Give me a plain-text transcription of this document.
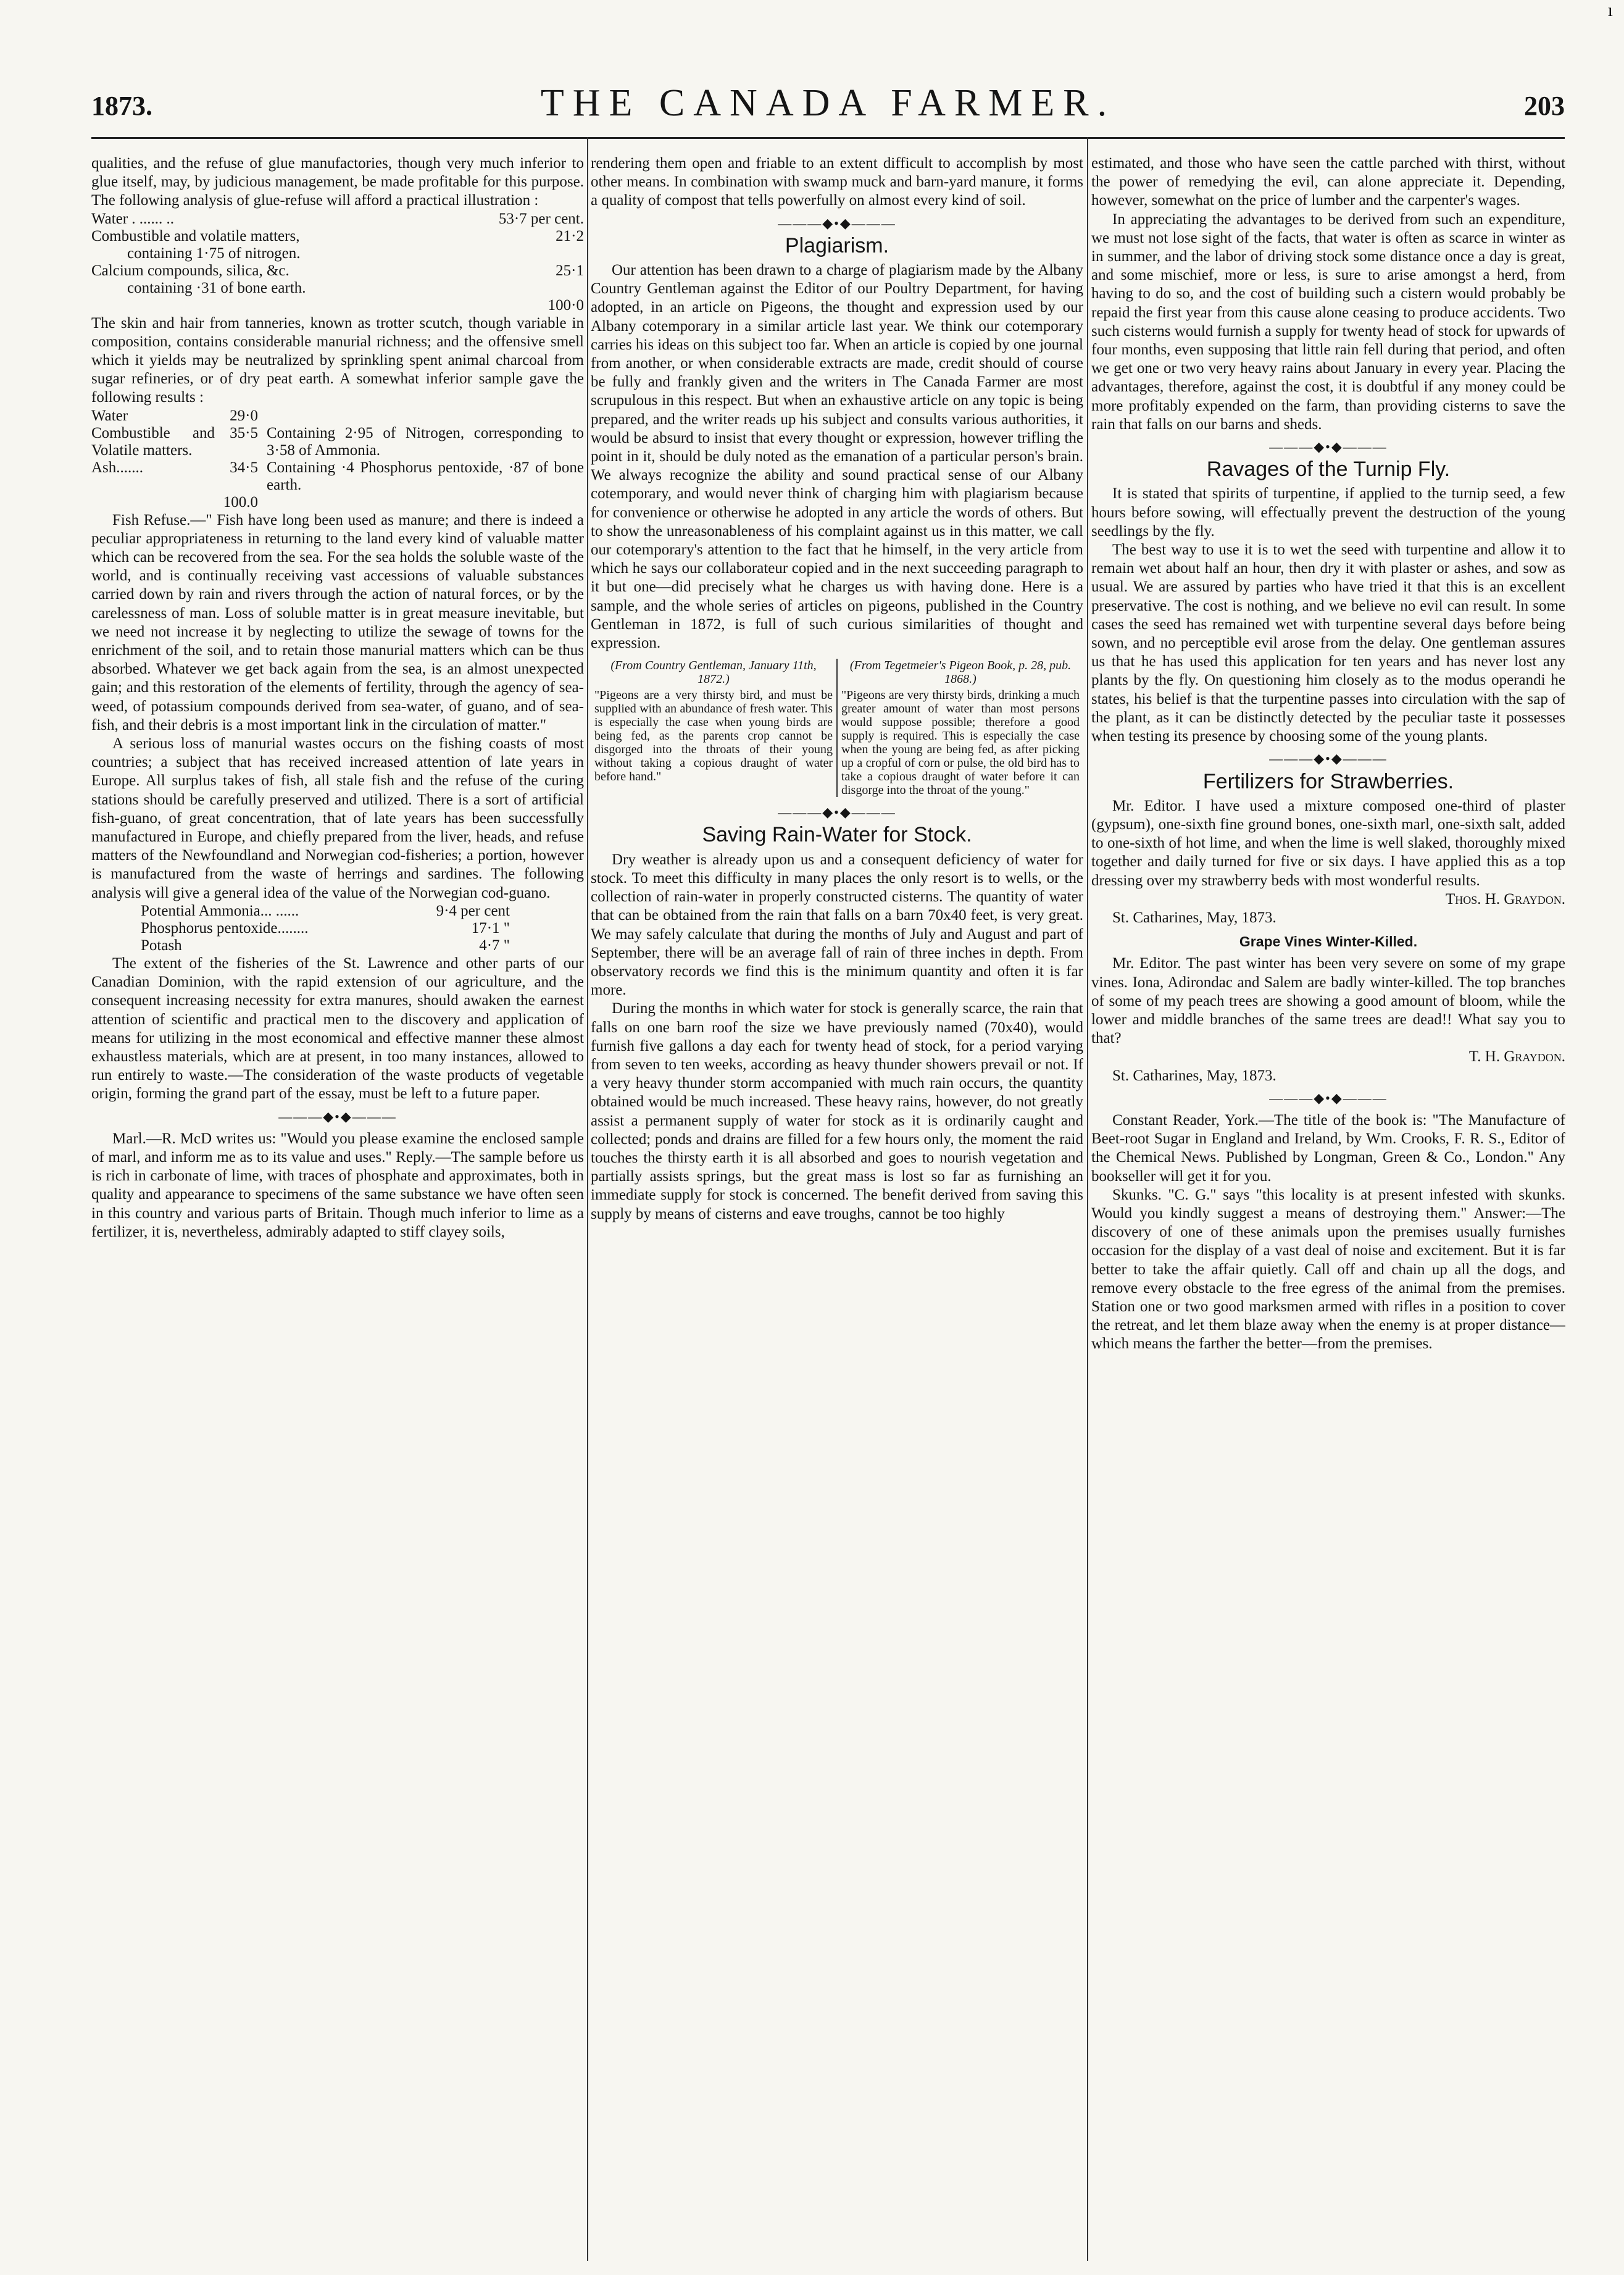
ı
1873.	THE CANADA FARMER.	203

qualities, and the refuse of glue manufactories, though very much inferior to glue itself, may, by judicious management, be made profitable for this purpose. The following analysis of glue-refuse will afford a practical illustration :

Water . ...... ..	53·7 per cent.
Combustible and volatile matters,	21·2
containing 1·75 of nitrogen.	
Calcium compounds, silica, &c.	25·1
containing ·31 of bone earth.	
100·0	

The skin and hair from tanneries, known as trotter scutch, though variable in composition, contains considerable manurial richness; and the offensive smell which it yields may be neutralized by sprinkling spent animal charcoal from sugar refineries, or of dry peat earth. A somewhat inferior sample gave the following results :

Water	29·0	
Combustible and Volatile matters.	35·5	Containing 2·95 of Nitrogen, corresponding to 3·58 of Ammonia.
Ash.......	34·5	Containing ·4 Phosphorus pentoxide, ·87 of bone earth.
	100.0	

Fish Refuse.—" Fish have long been used as manure; and there is indeed a peculiar appropriateness in returning to the land every kind of valuable matter which can be recovered from the sea. For the sea holds the soluble waste of the world, and is continually receiving vast accessions of valuable substances carried down by rain and rivers through the action of natural forces, or by the carelessness of man. Loss of soluble matter is in great measure inevitable, but we need not increase it by neglecting to utilize the sewage of towns for the enrichment of the soil, and to retain those manurial matters which can be thus absorbed. Whatever we get back again from the sea, is an almost unexpected gain; and this restoration of the elements of fertility, through the agency of sea-weed, of potassium compounds derived from sea-water, of guano, and of sea-fish, and their debris is a most important link in the circulation of matter."

A serious loss of manurial wastes occurs on the fishing coasts of most countries; a subject that has received increased attention of late years in Europe. All surplus takes of fish, all stale fish and the refuse of the curing stations should be carefully preserved and utilized. There is a sort of artificial fish-guano, of great concentration, that of late years has been successfully manufactured in Europe, and chiefly prepared from the liver, heads, and refuse matters of the Newfoundland and Norwegian cod-fisheries; a portion, however is manufactured from the waste of herrings and sardines. The following analysis will give a general idea of the value of the Norwegian cod-guano.

Potential Ammonia... ......	9·4 per cent
Phosphorus pentoxide........	17·1 "
Potash	4·7 "

The extent of the fisheries of the St. Lawrence and other parts of our Canadian Dominion, with the rapid extension of our agriculture, and the consequent increasing necessity for extra manures, should awaken the earnest attention of scientific and practical men to the discovery and application of means for utilizing in the most economical and effective manner these almost exhaustless materials, which are at present, in too many instances, allowed to run entirely to waste.—The consideration of the waste products of vegetable origin, forming the grand part of the essay, must be left to a future paper.

———◆•◆———

Marl.—R. McD writes us: "Would you please examine the enclosed sample of marl, and inform me as to its value and uses." Reply.—The sample before us is rich in carbonate of lime, with traces of phosphate and approximates, both in quality and appearance to specimens of the same substance we have often seen in this country and various parts of Britain. Though much inferior to lime as a fertilizer, it is, nevertheless, admirably adapted to stiff clayey soils,

rendering them open and friable to an extent difficult to accomplish by most other means. In combination with swamp muck and barn-yard manure, it forms a quality of compost that tells powerfully on almost every kind of soil.

———◆•◆———
Plagiarism.

Our attention has been drawn to a charge of plagiarism made by the Albany Country Gentleman against the Editor of our Poultry Department, for having adopted, in an article on Pigeons, the thought and expression used by our Albany cotemporary in a similar article last year. We think our cotemporary carries his ideas on this subject too far. When an article is copied by one journal from another, or when considerable extracts are made, credit should of course be fully and frankly given and the writers in The Canada Farmer are most scrupulous in this respect. But when an exhaustive article on any topic is being prepared, and the writer reads up his subject and consults various authorities, it would be absurd to insist that every thought or expression, however trifling the point in it, should be duly noted as the emanation of a particular person's brain. We always recognize the ability and sound practical sense of our Albany cotemporary, and would never think of charging him with plagiarism because for convenience or otherwise he adopted in any article the words of others. But to show the unreasonableness of his complaint against us in this matter, we call our cotemporary's attention to the fact that he himself, in the very article from which he says our collaborateur copied and in the next succeeding paragraph to it but one—did precisely what he charges us with having done. Here is a sample, and the whole series of articles on pigeons, published in the Country Gentleman in 1872, is full of such curious similarities of thought and expression.

(From Country Gentleman, January 11th, 1872.)
"Pigeons are a very thirsty bird, and must be supplied with an abundance of fresh water. This is especially the case when young birds are being fed, as the parents crop cannot be disgorged into the throats of their young without taking a copious draught of water before hand."
(From Tegetmeier's Pigeon Book, p. 28, pub. 1868.)
"Pigeons are very thirsty birds, drinking a much greater amount of water than most persons would suppose possible; therefore a good supply is required. This is especially the case when the young are being fed, as after picking up a cropful of corn or pulse, the old bird has to take a copious draught of water before it can disgorge into the throat of the young."
———◆•◆———
Saving Rain-Water for Stock.

Dry weather is already upon us and a consequent deficiency of water for stock. To meet this difficulty in many places the only resort is to wells, or the collection of rain-water in properly constructed cisterns. The quantity of water that can be obtained from the rain that falls on a barn 70x40 feet, is very great. We may safely calculate that during the months of July and August and part of September, there will be an average fall of rain of three inches in depth. From observatory records we find this is the minimum quantity and often it is far more.

During the months in which water for stock is generally scarce, the rain that falls on one barn roof the size we have previously named (70x40), would furnish five gallons a day each for twenty head of stock, for a period varying from seven to ten weeks, according as heavy thunder showers prevail or not. If a very heavy thunder storm accompanied with much rain occurs, the quantity obtained would be much increased. These heavy rains, however, do not greatly assist a permanent supply of water for stock as it is ordinarily caught and collected; ponds and drains are filled for a few hours only, the moment the raid touches the thirsty earth it is all absorbed and goes to nourish vegetation and partially assists springs, but the great mass is lost so far as furnishing an immediate supply for stock is concerned. The benefit derived from saving this supply by means of cisterns and eave troughs, cannot be too highly

estimated, and those who have seen the cattle parched with thirst, without the power of remedying the evil, can alone appreciate it. Depending, however, somewhat on the price of lumber and the carpenter's wages.

In appreciating the advantages to be derived from such an expenditure, we must not lose sight of the facts, that water is often as scarce in winter as in summer, and the labor of driving stock some distance once a day is great, and some mischief, more or less, is sure to arise amongst a herd, from having to do so, and the cost of building such a cistern would probably be repaid the first year from this cause alone ceasing to produce accidents. Two such cisterns would furnish a supply for twenty head of stock for upwards of four months, even supposing that little rain fell during that period, and often we get one or two very heavy rains about January in every year. Placing the advantages, therefore, against the cost, it is doubtful if any money could be more profitably expended on the farm, than providing cisterns to save the rain that falls on our barns and sheds.

———◆•◆———
Ravages of the Turnip Fly.

It is stated that spirits of turpentine, if applied to the turnip seed, a few hours before sowing, will effectually prevent the destruction of the young seedlings by the fly.

The best way to use it is to wet the seed with turpentine and allow it to remain wet about half an hour, then dry it with plaster or ashes, and sow as usual. We are assured by parties who have tried it that this is an excellent preservative. The cost is nothing, and we believe no evil can result. In some cases the seed has remained wet with turpentine several days before being sown, and no perceptible evil arose from the delay. One gentleman assures us that he has used this application for ten years and has never lost any plants by the fly. On questioning him closely as to the modus operandi he states, his belief is that the turpentine passes into circulation with the sap of the plant, as it can be distinctly detected by the peculiar taste it possesses when testing its presence by choosing some of the young plants.

———◆•◆———
Fertilizers for Strawberries.

Mr. Editor. I have used a mixture composed one-third of plaster (gypsum), one-sixth fine ground bones, one-sixth marl, one-sixth salt, added to one-sixth of hot lime, and when the lime is well slaked, thoroughly mixed together and daily turned for five or six days. I have applied this as a top dressing over my strawberry beds with most wonderful results.

Thos. H. Graydon.

St. Catharines, May, 1873.

Grape Vines Winter-Killed.

Mr. Editor. The past winter has been very severe on some of my grape vines. Iona, Adirondac and Salem are badly winter-killed. The top branches of some of my peach trees are showing a good amount of bloom, while the lower and middle branches of the same trees are dead!! What say you to that?

T. H. Graydon.

St. Catharines, May, 1873.

———◆•◆———

Constant Reader, York.—The title of the book is: "The Manufacture of Beet-root Sugar in England and Ireland, by Wm. Crooks, F. R. S., Editor of the Chemical News. Published by Longman, Green & Co., London." Any bookseller will get it for you.

Skunks. "C. G." says "this locality is at present infested with skunks. Would you kindly suggest a means of destroying them." Answer:—The discovery of one of these animals upon the premises usually furnishes occasion for the display of a vast deal of noise and excitement. But it is far better to take the affair quietly. Call off and chain up all the dogs, and remove every obstacle to the free egress of the animal from the premises. Station one or two good marksmen armed with rifles in a position to cover the retreat, and let them blaze away when the enemy is at proper distance—which means the farther the better—from the premises.
